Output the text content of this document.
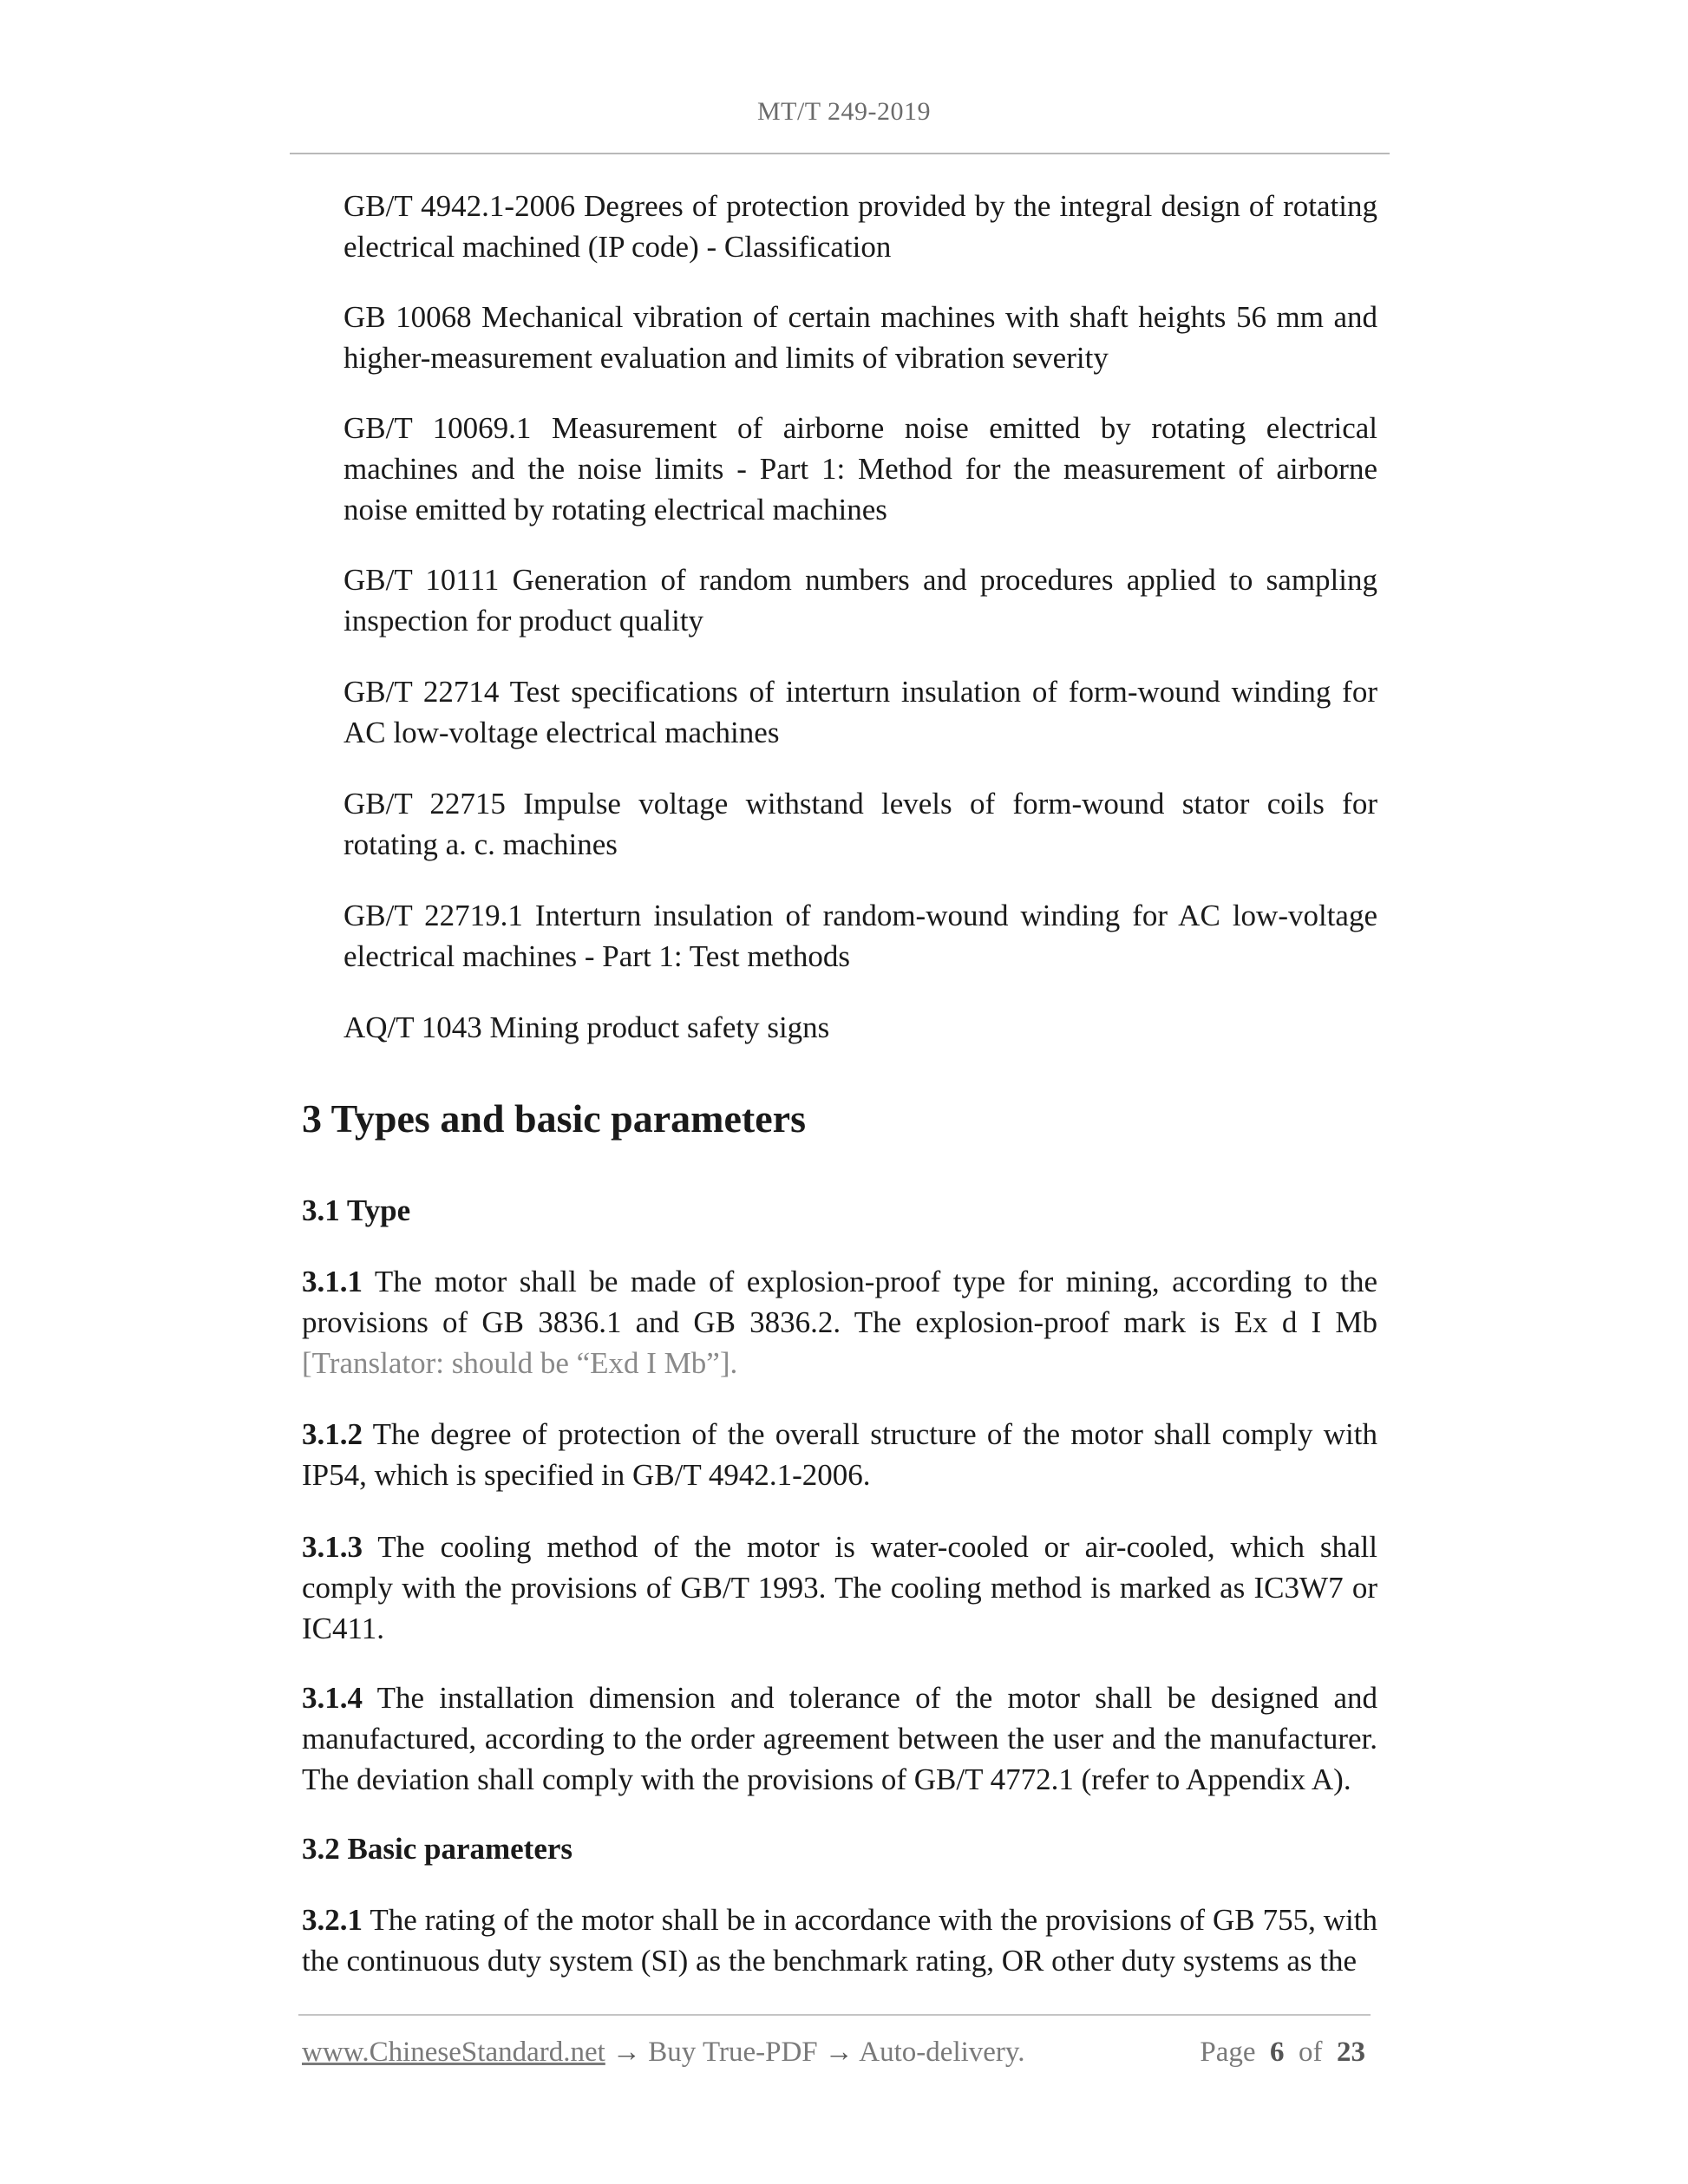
MT/T 249-2019
GB/T 4942.1-2006 Degrees of protection provided by the integral design of rotating electrical machined (IP code) - Classification
GB 10068 Mechanical vibration of certain machines with shaft heights 56 mm and higher-measurement evaluation and limits of vibration severity
GB/T 10069.1 Measurement of airborne noise emitted by rotating electrical machines and the noise limits - Part 1: Method for the measurement of airborne noise emitted by rotating electrical machines
GB/T 10111 Generation of random numbers and procedures applied to sampling inspection for product quality
GB/T 22714 Test specifications of interturn insulation of form-wound winding for AC low-voltage electrical machines
GB/T 22715 Impulse voltage withstand levels of form-wound stator coils for rotating a. c. machines
GB/T 22719.1 Interturn insulation of random-wound winding for AC low-voltage electrical machines - Part 1: Test methods
AQ/T 1043 Mining product safety signs
3 Types and basic parameters
3.1 Type
3.1.1 The motor shall be made of explosion-proof type for mining, according to the provisions of GB 3836.1 and GB 3836.2. The explosion-proof mark is Ex d I Mb [Translator: should be “Exd I Mb”].
3.1.2 The degree of protection of the overall structure of the motor shall comply with IP54, which is specified in GB/T 4942.1-2006.
3.1.3 The cooling method of the motor is water-cooled or air-cooled, which shall comply with the provisions of GB/T 1993. The cooling method is marked as IC3W7 or IC411.
3.1.4 The installation dimension and tolerance of the motor shall be designed and manufactured, according to the order agreement between the user and the manufacturer. The deviation shall comply with the provisions of GB/T 4772.1 (refer to Appendix A).
3.2 Basic parameters
3.2.1 The rating of the motor shall be in accordance with the provisions of GB 755, with the continuous duty system (SI) as the benchmark rating, OR other duty systems as the
www.ChineseStandard.net → Buy True-PDF → Auto-delivery.	Page 6 of 23
